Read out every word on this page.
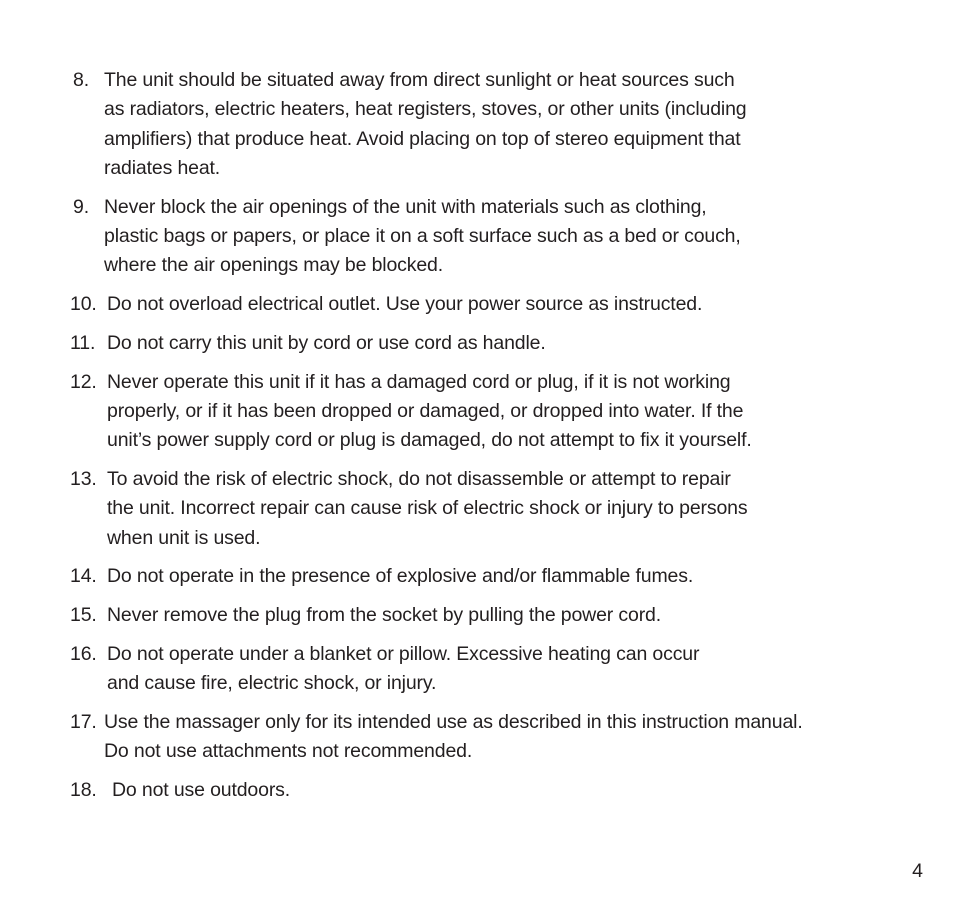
8. The unit should be situated away from direct sunlight or heat sources such
as radiators, electric heaters, heat registers, stoves, or other units (including
amplifiers) that produce heat. Avoid placing on top of stereo equipment that
radiates heat.
9. Never block the air openings of the unit with materials such as clothing,
plastic bags or papers, or place it on a soft surface such as a bed or couch,
where the air openings may be blocked.
10. Do not overload electrical outlet. Use your power source as instructed.
11. Do not carry this unit by cord or use cord as handle.
12. Never operate this unit if it has a damaged cord or plug, if it is not working
properly, or if it has been dropped or damaged, or dropped into water. If the
unit’s power supply cord or plug is damaged, do not attempt to fix it yourself.
13. To avoid the risk of electric shock, do not disassemble or attempt to repair
the unit. Incorrect repair can cause risk of electric shock or injury to persons
when unit is used.
14. Do not operate in the presence of explosive and/or flammable fumes.
15. Never remove the plug from the socket by pulling the power cord.
16. Do not operate under a blanket or pillow. Excessive heating can occur
and cause fire, electric shock, or injury.
17. Use the massager only for its intended use as described in this instruction manual.
Do not use attachments not recommended.
18. Do not use outdoors.
4
